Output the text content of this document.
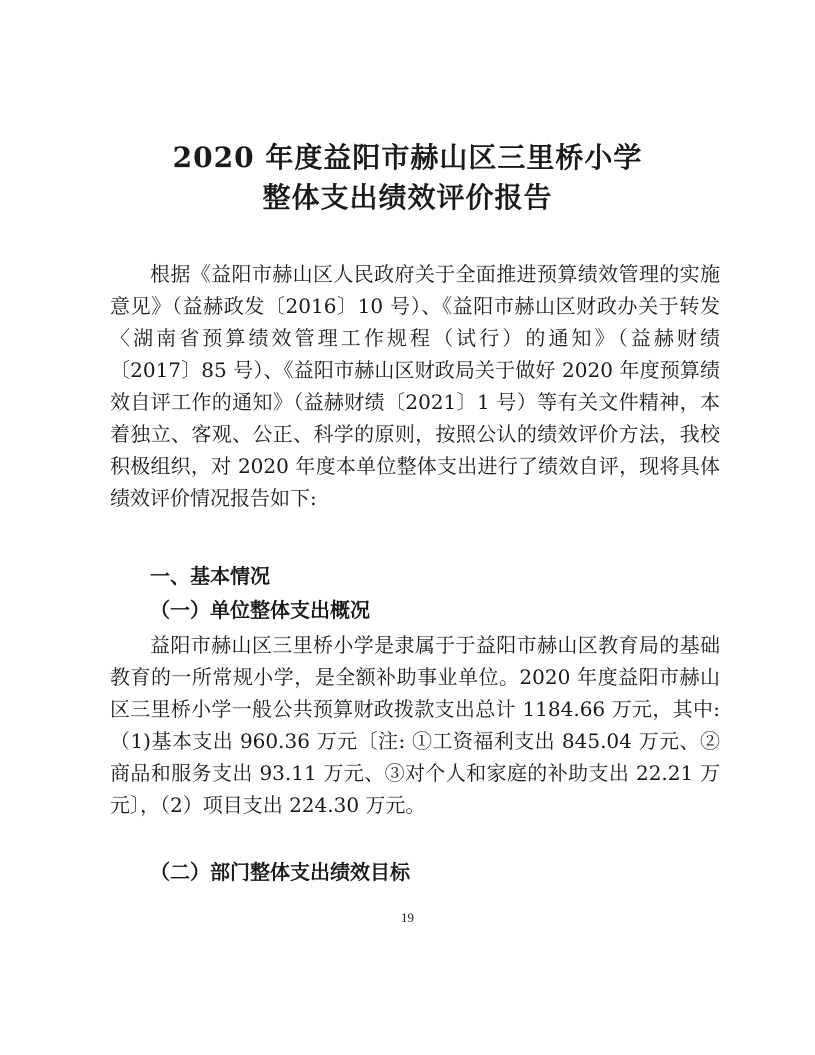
2020 年度益阳市赫山区三里桥小学
整体支出绩效评价报告

根据《益阳市赫山区人民政府关于全面推进预算绩效管理的实施意见》（益赫政发〔2016〕10 号）、《益阳市赫山区财政办关于转发〈湖南省预算绩效管理工作规程（试行）的通知》（益赫财绩〔2017〕85 号）、《益阳市赫山区财政局关于做好 2020 年度预算绩效自评工作的通知》（益赫财绩〔2021〕1 号）等有关文件精神，本着独立、客观、公正、科学的原则，按照公认的绩效评价方法，我校积极组织，对 2020 年度本单位整体支出进行了绩效自评，现将具体绩效评价情况报告如下:

一、基本情况
（一）单位整体支出概况

益阳市赫山区三里桥小学是隶属于于益阳市赫山区教育局的基础教育的一所常规小学，是全额补助事业单位。2020 年度益阳市赫山区三里桥小学一般公共预算财政拨款支出总计 1184.66 万元，其中:（1)基本支出 960.36 万元〔注: ①工资福利支出 845.04 万元、②商品和服务支出 93.11 万元、③对个人和家庭的补助支出 22.21 万元〕，（2）项目支出 224.30 万元。

（二）部门整体支出绩效目标
19
